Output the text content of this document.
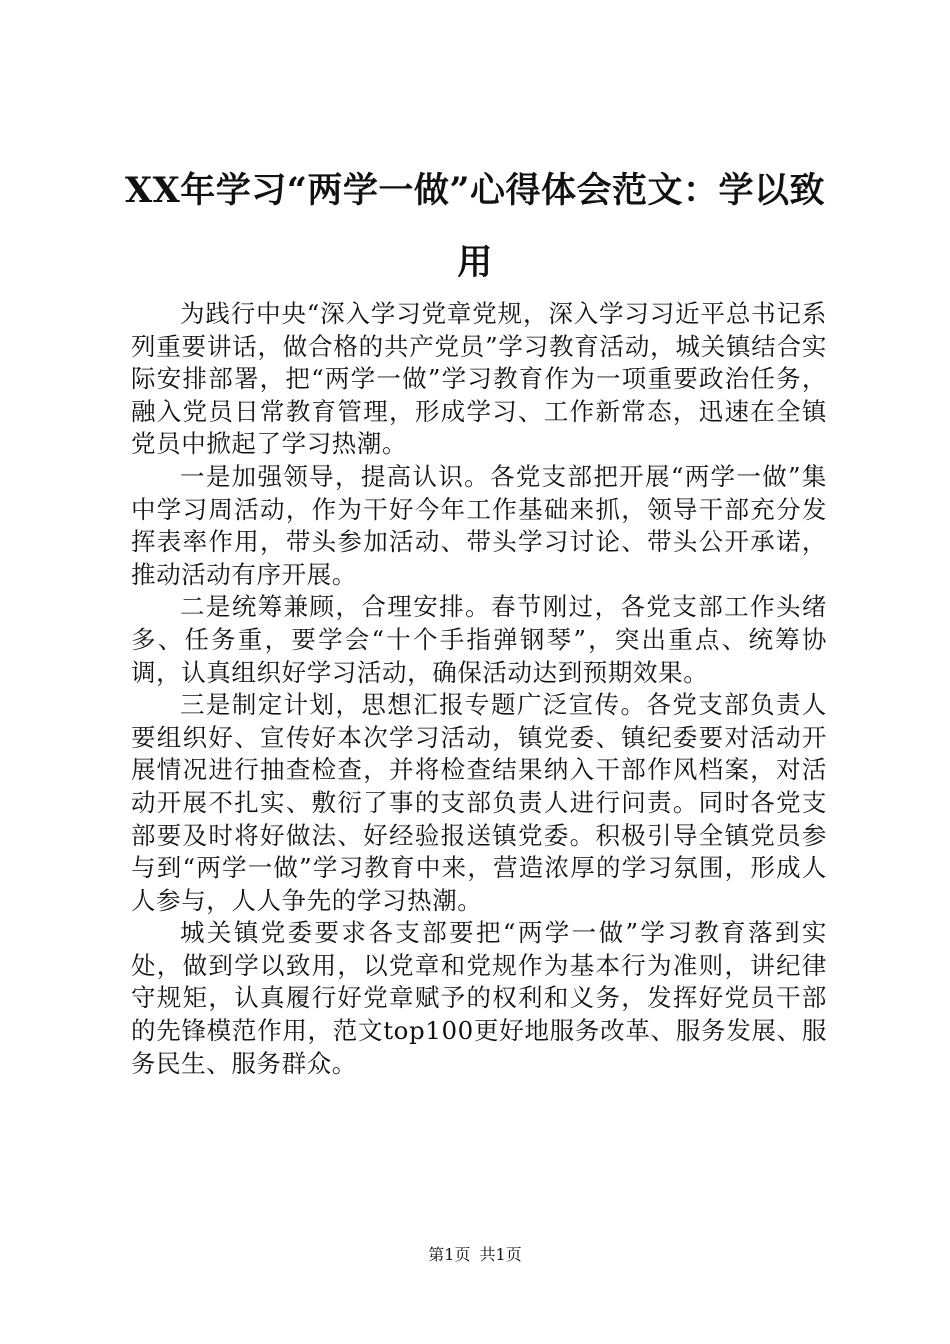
XX年学习“两学一做”心得体会范文：学以致用

为践行中央“深入学习党章党规，深入学习习近平总书记系列重要讲话，做合格的共产党员”学习教育活动，城关镇结合实际安排部署，把“两学一做”学习教育作为一项重要政治任务，融入党员日常教育管理，形成学习、工作新常态，迅速在全镇党员中掀起了学习热潮。

一是加强领导，提高认识。各党支部把开展“两学一做”集中学习周活动，作为干好今年工作基础来抓，领导干部充分发挥表率作用，带头参加活动、带头学习讨论、带头公开承诺，推动活动有序开展。

二是统筹兼顾，合理安排。春节刚过，各党支部工作头绪多、任务重，要学会“十个手指弹钢琴”，突出重点、统筹协调，认真组织好学习活动，确保活动达到预期效果。

三是制定计划，思想汇报专题广泛宣传。各党支部负责人要组织好、宣传好本次学习活动，镇党委、镇纪委要对活动开展情况进行抽查检查，并将检查结果纳入干部作风档案，对活动开展不扎实、敷衍了事的支部负责人进行问责。同时各党支部要及时将好做法、好经验报送镇党委。积极引导全镇党员参与到“两学一做”学习教育中来，营造浓厚的学习氛围，形成人人参与，人人争先的学习热潮。

城关镇党委要求各支部要把“两学一做”学习教育落到实处，做到学以致用，以党章和党规作为基本行为准则，讲纪律守规矩，认真履行好党章赋予的权利和义务，发挥好党员干部的先锋模范作用，范文top100更好地服务改革、服务发展、服务民生、服务群众。

第1页 共1页
